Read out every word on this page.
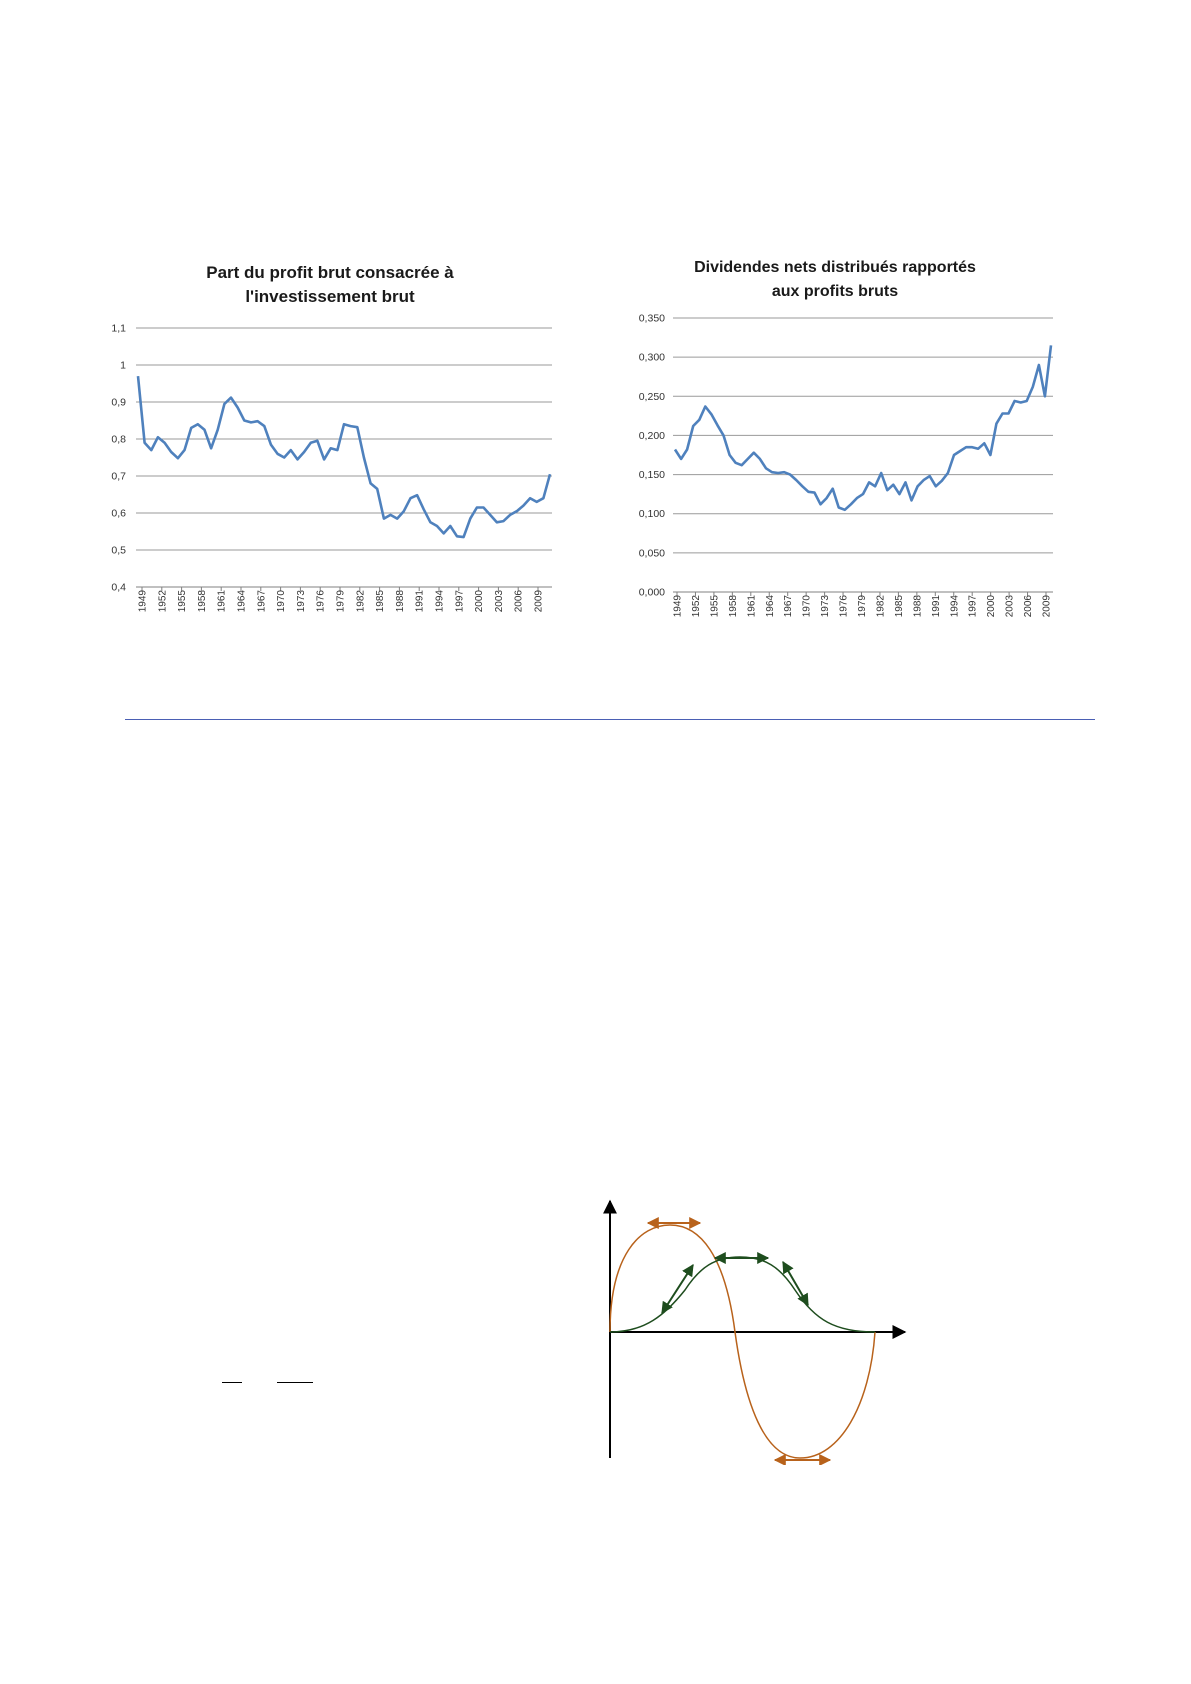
Part du profit brut consacrée à
l'investissement brut
0,4
0,5
0,6
0,7
0,8
0,9
1
1,1
1949 1952 1955 1958 1961 1964 1967 1970 1973 1976 1979 1982 1985 1988 1991 1994 1997 2000 2003 2006 2009
Dividendes nets distribués rapportés
aux profits bruts
0,000
0,050
0,100
0,150
0,200
0,250
0,300
0,350
1949 1952 1955 1958 1961 1964 1967 1970 1973 1976 1979 1982 1985 1988 1991 1994 1997 2000 2003 2006 2009
